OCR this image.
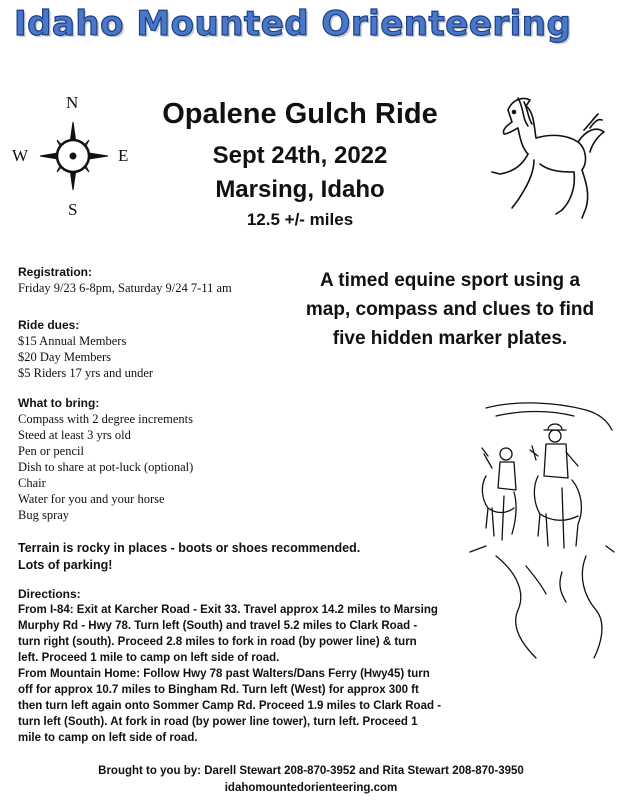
Idaho Mounted Orienteering
N
S
W	E
Opalene Gulch Ride
Sept 24th, 2022
Marsing, Idaho
12.5 +/- miles
A timed equine sport using a map, compass and clues to find five hidden marker plates.
Registration:
Friday 9/23 6-8pm, Saturday 9/24 7-11 am
Ride dues:
$15 Annual Members
$20 Day Members
$5 Riders 17 yrs and under
What to bring:
Compass with 2 degree increments
Steed at least 3 yrs old
Pen or pencil
Dish to share at pot-luck (optional)
Chair
Water for you and your horse
Bug spray
Terrain is rocky in places - boots or shoes recommended.
Lots of parking!
Directions:
From I-84: Exit at Karcher Road - Exit 33. Travel approx 14.2 miles to Marsing
Murphy Rd - Hwy 78. Turn left (South) and travel 5.2 miles to Clark Road -
turn right (south). Proceed 2.8 miles to fork in road (by power line) & turn
left. Proceed 1 mile to camp on left side of road.
From Mountain Home: Follow Hwy 78 past Walters/Dans Ferry (Hwy45) turn
off for approx 10.7 miles to Bingham Rd. Turn left (West) for approx 300 ft
then turn left again onto Sommer Camp Rd. Proceed 1.9 miles to Clark Road -
turn left (South). At fork in road (by power line tower), turn left. Proceed 1
mile to camp on left side of road.
Brought to you by: Darell Stewart 208-870-3952 and Rita Stewart 208-870-3950
idahomountedorienteering.com
